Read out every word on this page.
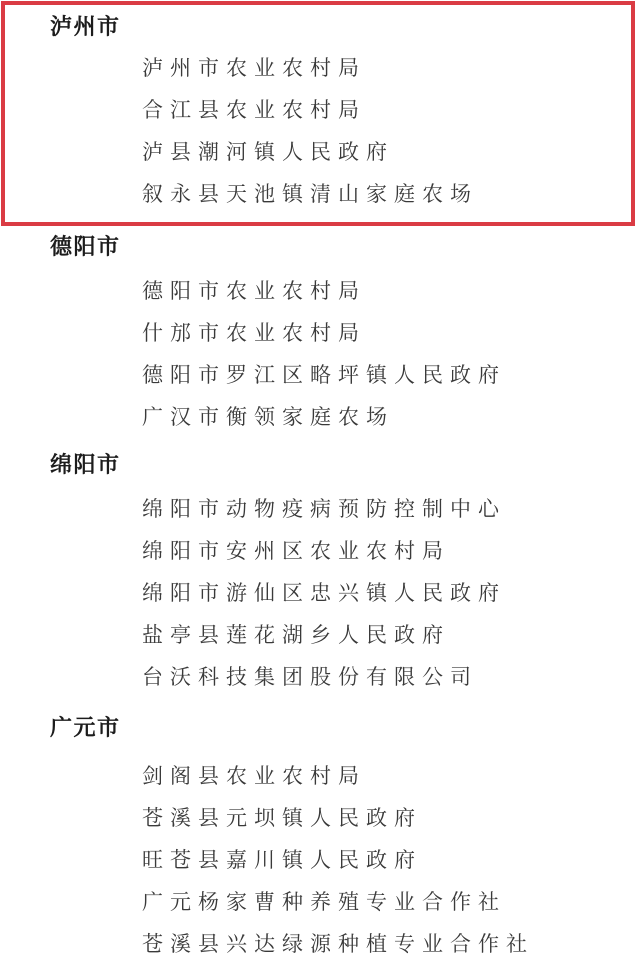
泸州市
泸州市农业农村局
合江县农业农村局
泸县潮河镇人民政府
叙永县天池镇清山家庭农场
德阳市
德阳市农业农村局
什邡市农业农村局
德阳市罗江区略坪镇人民政府
广汉市衡领家庭农场
绵阳市
绵阳市动物疫病预防控制中心
绵阳市安州区农业农村局
绵阳市游仙区忠兴镇人民政府
盐亭县莲花湖乡人民政府
台沃科技集团股份有限公司
广元市
剑阁县农业农村局
苍溪县元坝镇人民政府
旺苍县嘉川镇人民政府
广元杨家曹种养殖专业合作社
苍溪县兴达绿源种植专业合作社
